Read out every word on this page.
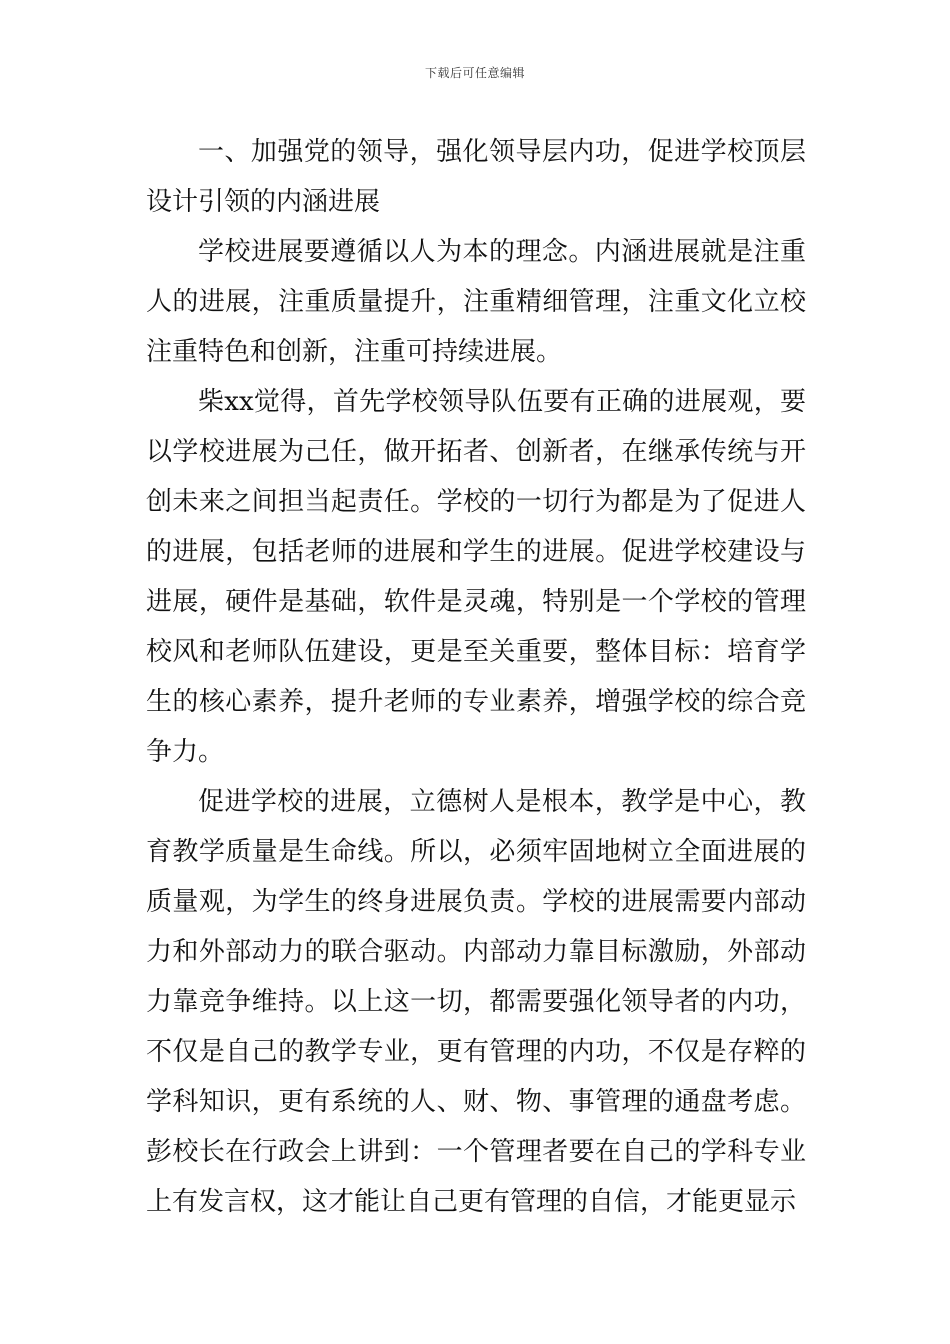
下载后可任意编辑

一、加强党的领导，强化领导层内功，促进学校顶层设计引领的内涵进展

学校进展要遵循以人为本的理念。内涵进展就是注重人的进展，注重质量提升，注重精细管理，注重文化立校注重特色和创新，注重可持续进展。

柴xx觉得，首先学校领导队伍要有正确的进展观，要以学校进展为己任，做开拓者、创新者，在继承传统与开创未来之间担当起责任。学校的一切行为都是为了促进人的进展，包括老师的进展和学生的进展。促进学校建设与进展，硬件是基础，软件是灵魂，特别是一个学校的管理校风和老师队伍建设，更是至关重要，整体目标：培育学生的核心素养，提升老师的专业素养，增强学校的综合竞争力。

促进学校的进展，立德树人是根本，教学是中心，教育教学质量是生命线。所以，必须牢固地树立全面进展的质量观，为学生的终身进展负责。学校的进展需要内部动力和外部动力的联合驱动。内部动力靠目标激励，外部动力靠竞争维持。以上这一切，都需要强化领导者的内功，不仅是自己的教学专业，更有管理的内功，不仅是存粹的学科知识，更有系统的人、财、物、事管理的通盘考虑。彭校长在行政会上讲到：一个管理者要在自己的学科专业上有发言权，这才能让自己更有管理的自信，才能更显示
